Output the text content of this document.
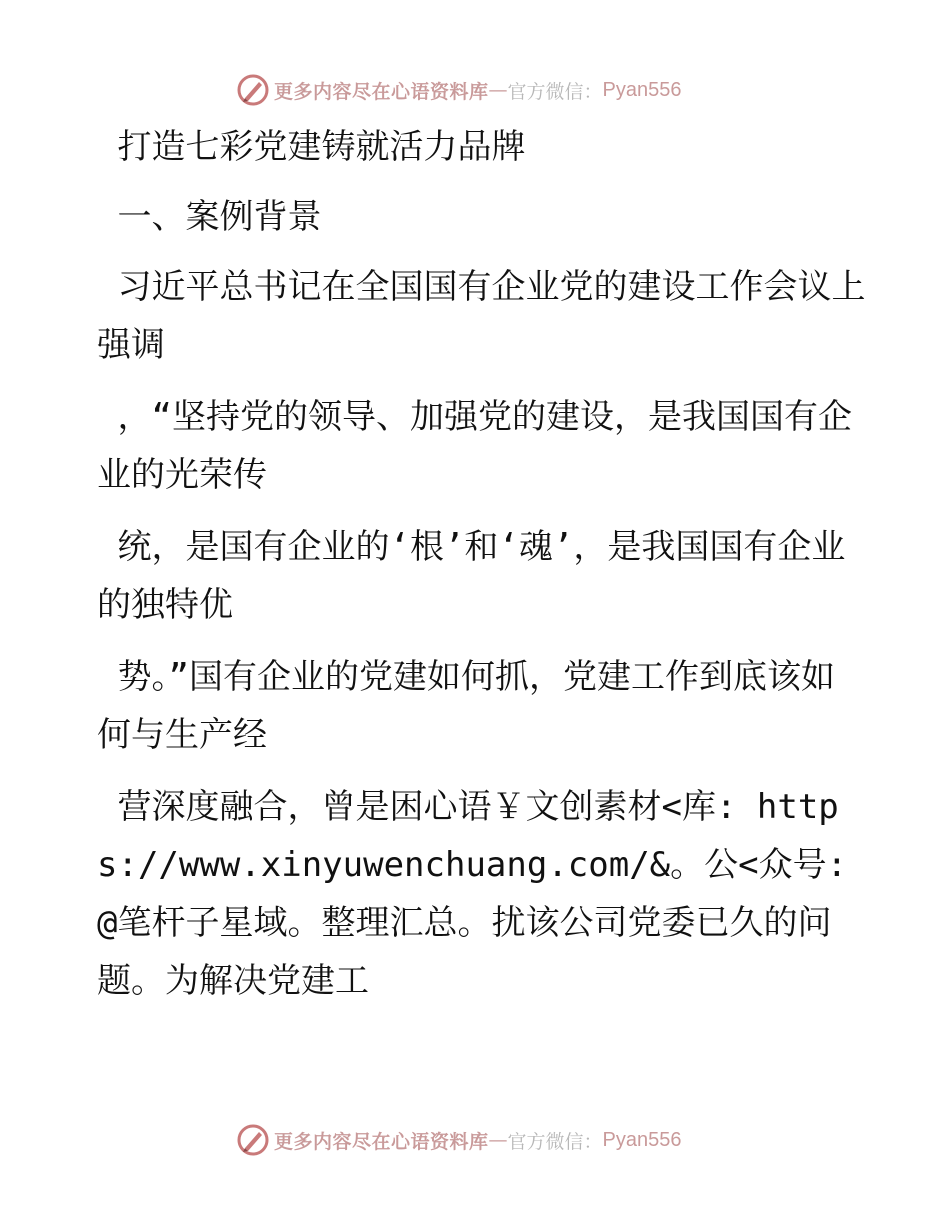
更多内容尽在心语资料库 — 官方微信： Pyan556

打造七彩党建铸就活力品牌

一、案例背景

习近平总书记在全国国有企业党的建设工作会议上强调

，“坚持党的领导、加强党的建设，是我国国有企业的光荣传

统，是国有企业的‘根’和‘魂’，是我国国有企业的独特优

势。”国有企业的党建如何抓，党建工作到底该如何与生产经

营深度融合，曾是困心语￥文创素材<库: https://www.xinyuwenchuang.com/&。公<众号: @笔杆子星域。整理汇总。扰该公司党委已久的问题。为解决党建工

更多内容尽在心语资料库 — 官方微信： Pyan556
